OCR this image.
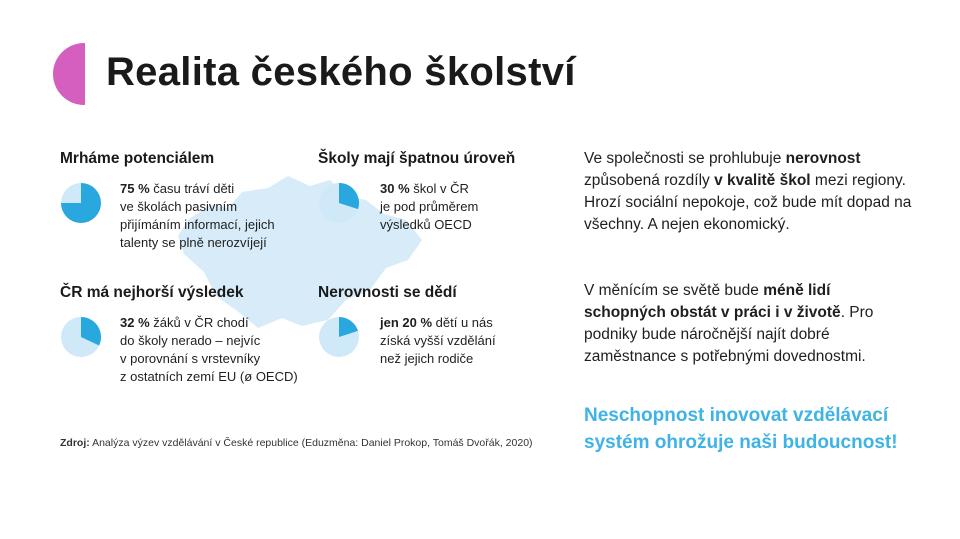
Realita českého školství
Mrháme potenciálem
75 % času tráví děti
ve školách pasivním
přijímáním informací, jejich
talenty se plně nerozvíjejí
Školy mají špatnou úroveň
30 % škol v ČR
je pod průměrem
výsledků OECD
ČR má nejhorší výsledek
32 % žáků v ČR chodí
do školy nerado – nejvíc
v porovnání s vrstevníky
z ostatních zemí EU (ø OECD)
Nerovnosti se dědí
jen 20 % dětí u nás
získá vyšší vzdělání
než jejich rodiče
Zdroj: Analýza výzev vzdělávání v České republice (Eduzměna: Daniel Prokop, Tomáš Dvořák, 2020)
Ve společnosti se prohlubuje nerovnost způsobená rozdíly v kvalitě škol mezi regiony. Hrozí sociální nepokoje, což bude mít dopad na všechny. A nejen ekonomický.
V měnícím se světě bude méně lidí schopných obstát v práci i v životě. Pro podniky bude náročnější najít dobré zaměstnance s potřebnými dovednostmi.
Neschopnost inovovat vzdělávací systém ohrožuje naši budoucnost!
